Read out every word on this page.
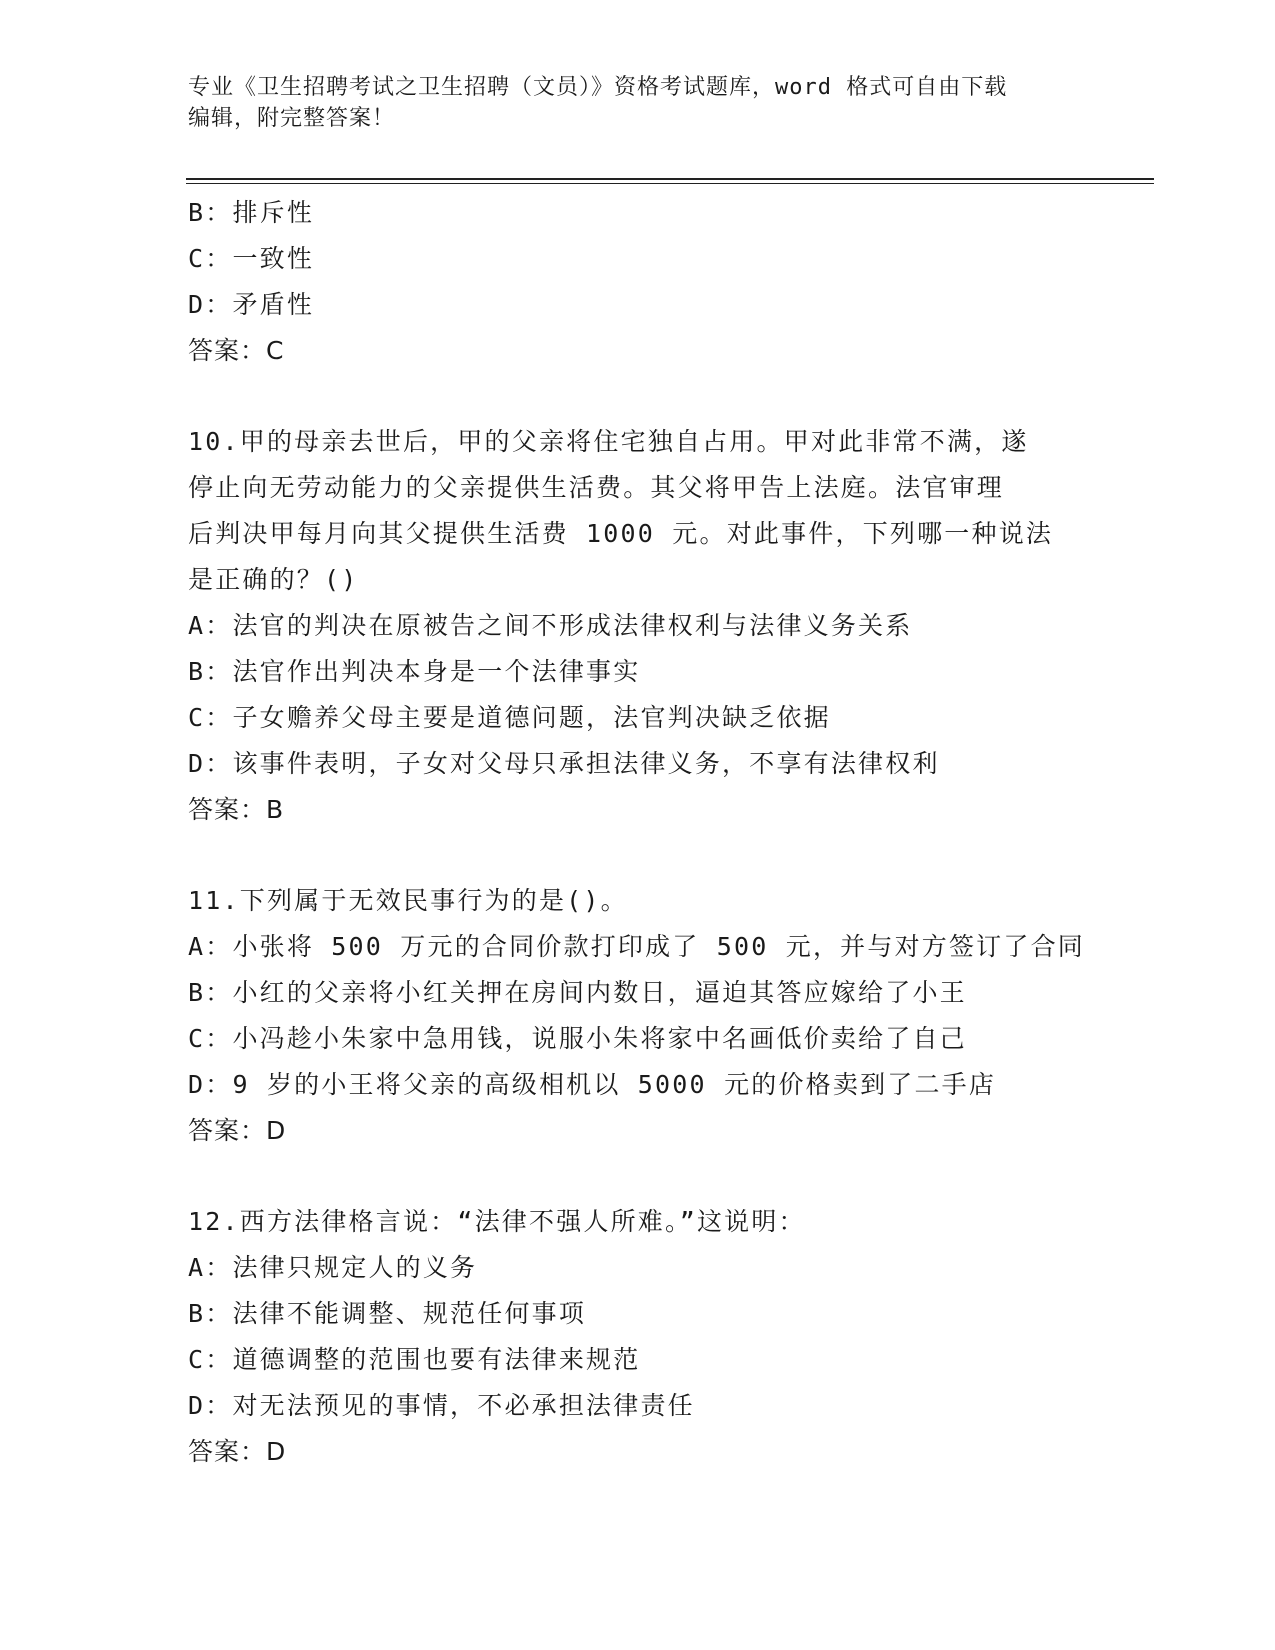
专业《卫生招聘考试之卫生招聘（文员）》资格考试题库，word 格式可自由下载
编辑，附完整答案！
B：排斥性
C：一致性
D：矛盾性
答案：C
10.甲的母亲去世后，甲的父亲将住宅独自占用。甲对此非常不满，遂
停止向无劳动能力的父亲提供生活费。其父将甲告上法庭。法官审理
后判决甲每月向其父提供生活费 1000 元。对此事件，下列哪一种说法
是正确的？()
A：法官的判决在原被告之间不形成法律权利与法律义务关系
B：法官作出判决本身是一个法律事实
C：子女赡养父母主要是道德问题，法官判决缺乏依据
D：该事件表明，子女对父母只承担法律义务，不享有法律权利
答案：B
11.下列属于无效民事行为的是()。
A：小张将 500 万元的合同价款打印成了 500 元，并与对方签订了合同
B：小红的父亲将小红关押在房间内数日，逼迫其答应嫁给了小王
C：小冯趁小朱家中急用钱，说服小朱将家中名画低价卖给了自己
D：9 岁的小王将父亲的高级相机以 5000 元的价格卖到了二手店
答案：D
12.西方法律格言说：“法律不强人所难。”这说明：
A：法律只规定人的义务
B：法律不能调整、规范任何事项
C：道德调整的范围也要有法律来规范
D：对无法预见的事情，不必承担法律责任
答案：D
